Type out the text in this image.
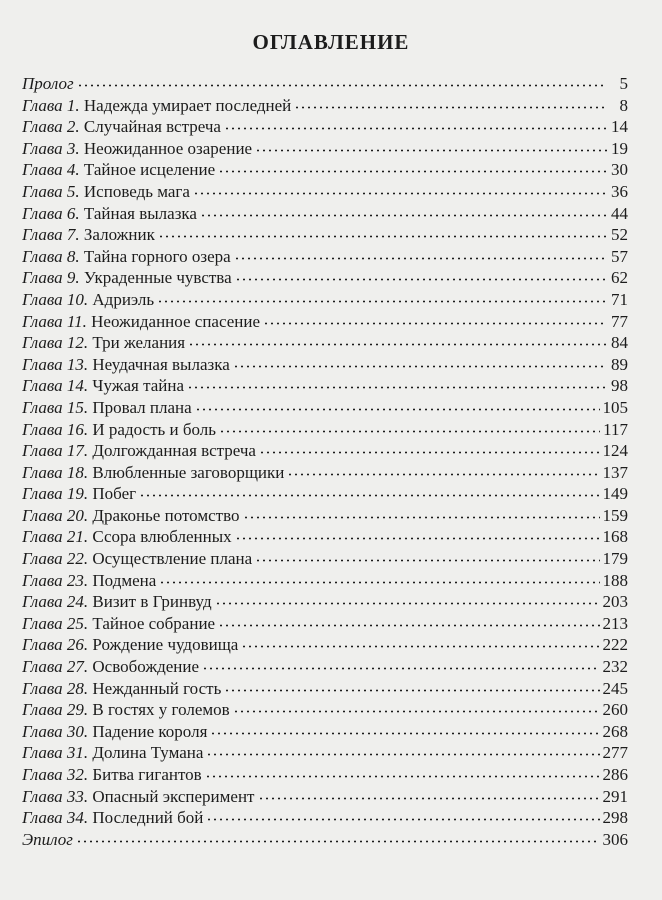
ОГЛАВЛЕНИЕ
Пролог	5
Глава 1. Надежда умирает последней	8
Глава 2. Случайная встреча	14
Глава 3. Неожиданное озарение	19
Глава 4. Тайное исцеление	30
Глава 5. Исповедь мага	36
Глава 6. Тайная вылазка	44
Глава 7. Заложник	52
Глава 8. Тайна горного озера	57
Глава 9. Украденные чувства	62
Глава 10. Адриэль	71
Глава 11. Неожиданное спасение	77
Глава 12. Три желания	84
Глава 13. Неудачная вылазка	89
Глава 14. Чужая тайна	98
Глава 15. Провал плана	105
Глава 16. И радость и боль	117
Глава 17. Долгожданная встреча	124
Глава 18. Влюбленные заговорщики	137
Глава 19. Побег	149
Глава 20. Драконье потомство	159
Глава 21. Ссора влюбленных	168
Глава 22. Осуществление плана	179
Глава 23. Подмена	188
Глава 24. Визит в Гринвуд	203
Глава 25. Тайное собрание	213
Глава 26. Рождение чудовища	222
Глава 27. Освобождение	232
Глава 28. Нежданный гость	245
Глава 29. В гостях у големов	260
Глава 30. Падение короля	268
Глава 31. Долина Тумана	277
Глава 32. Битва гигантов	286
Глава 33. Опасный эксперимент	291
Глава 34. Последний бой	298
Эпилог	306
